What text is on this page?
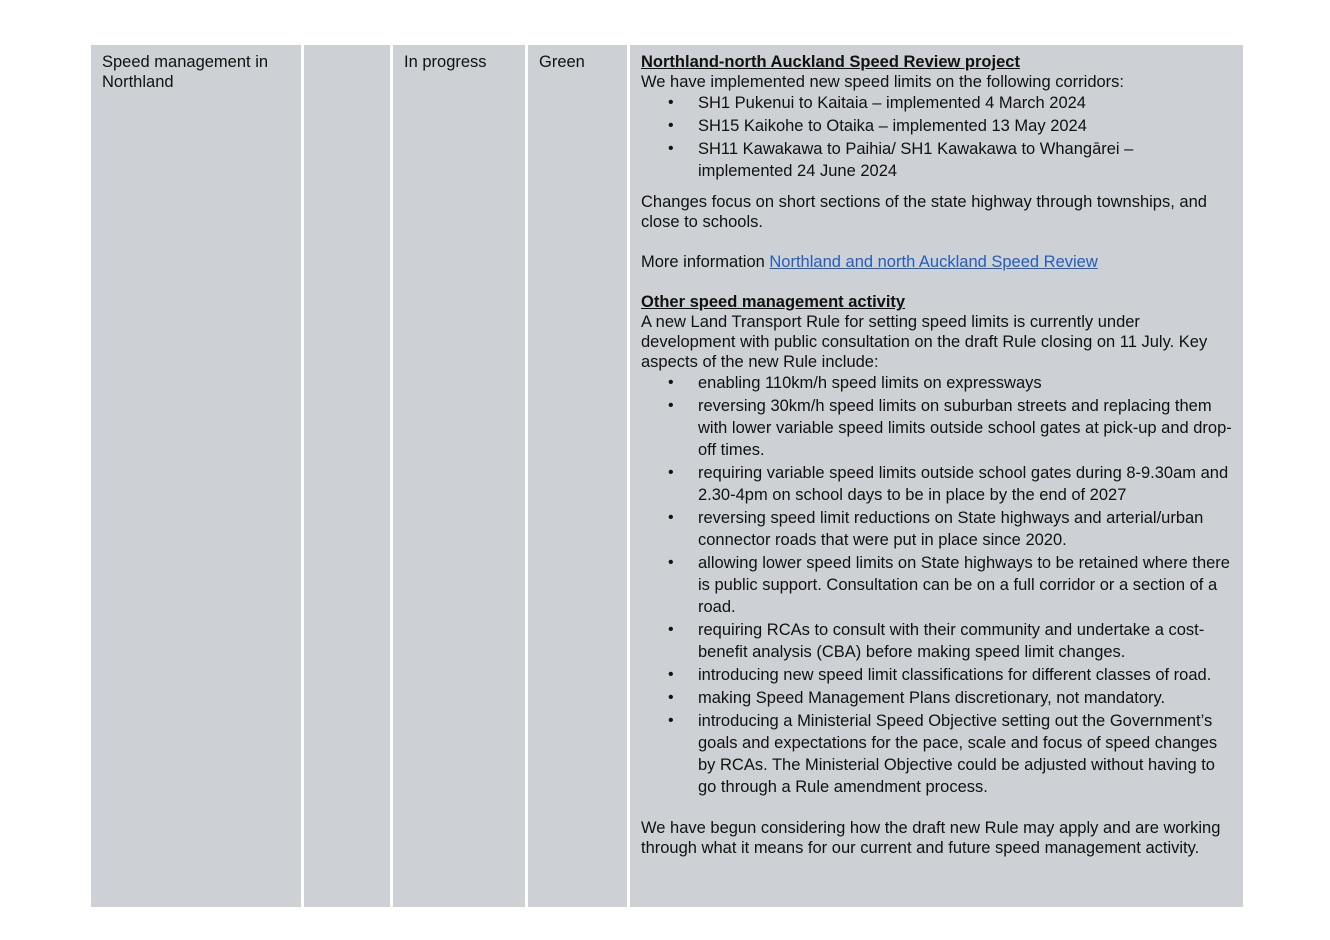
Speed management in Northland
In progress	Green	Northland-north Auckland Speed Review project

We have implemented new speed limits on the following corridors:

• SH1 Pukenui to Kaitaia – implemented 4 March 2024
• SH15 Kaikohe to Otaika – implemented 13 May 2024
• SH11 Kawakawa to Paihia/ SH1 Kawakawa to Whangārei – implemented 24 June 2024

Changes focus on short sections of the state highway through townships, and close to schools.

More information Northland and north Auckland Speed Review

Other speed management activity

A new Land Transport Rule for setting speed limits is currently under development with public consultation on the draft Rule closing on 11 July. Key aspects of the new Rule include:

• enabling 110km/h speed limits on expressways
• reversing 30km/h speed limits on suburban streets and replacing them with lower variable speed limits outside school gates at pick-up and drop-off times.
• requiring variable speed limits outside school gates during 8-9.30am and 2.30-4pm on school days to be in place by the end of 2027
• reversing speed limit reductions on State highways and arterial/urban connector roads that were put in place since 2020.
• allowing lower speed limits on State highways to be retained where there is public support. Consultation can be on a full corridor or a section of a road.
• requiring RCAs to consult with their community and undertake a cost-benefit analysis (CBA) before making speed limit changes.
• introducing new speed limit classifications for different classes of road.
• making Speed Management Plans discretionary, not mandatory.
• introducing a Ministerial Speed Objective setting out the Government’s goals and expectations for the pace, scale and focus of speed changes by RCAs. The Ministerial Objective could be adjusted without having to go through a Rule amendment process.

We have begun considering how the draft new Rule may apply and are working through what it means for our current and future speed management activity.
